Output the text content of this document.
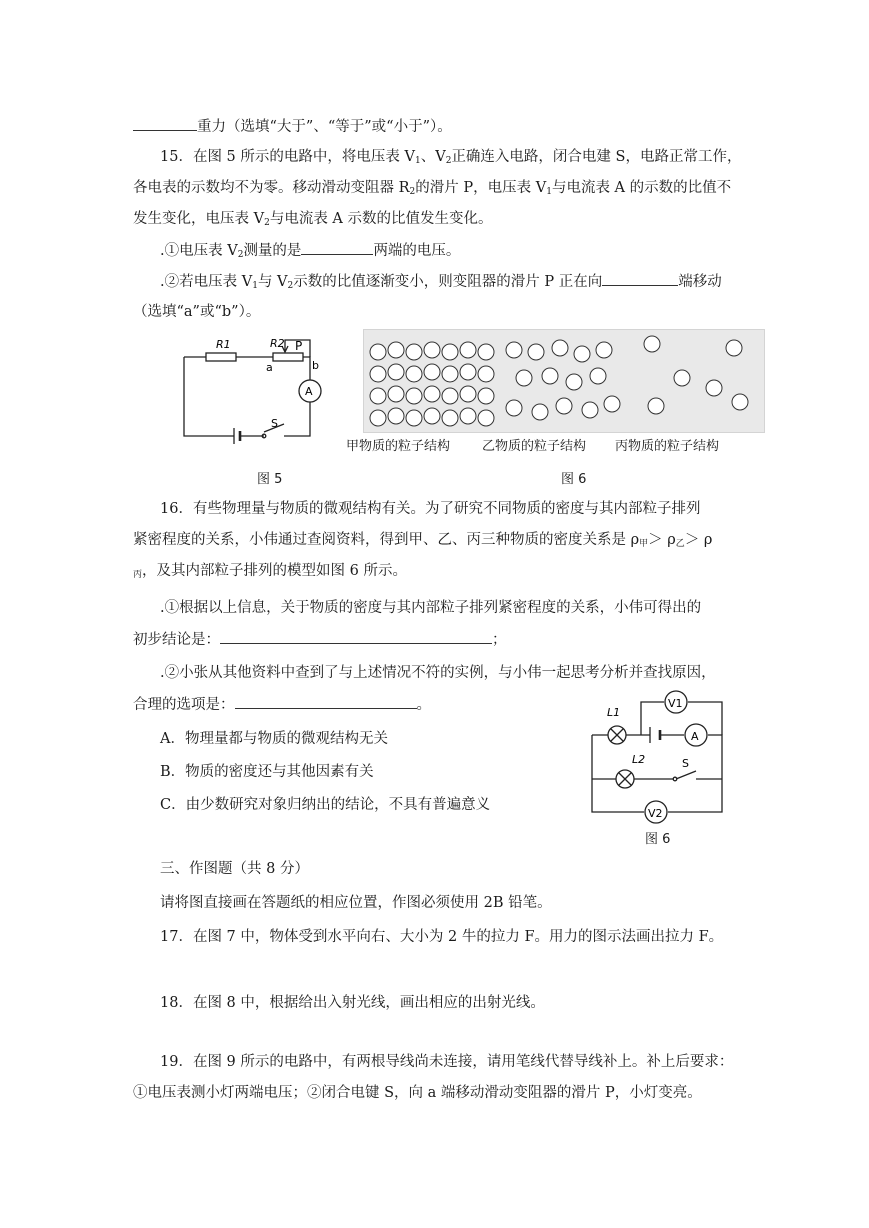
重力（选填“大于”、“等于”或“小于”）。
15．在图 5 所示的电路中，将电压表 $V_1$、$V_2$正确连入电路，闭合电建 S，电路正常工作，
各电表的示数均不为零。移动滑动变阻器 $R_2$的滑片 P，电压表 $V_1$与电流表 A 的示数的比值不
发生变化，电压表 $V_2$与电流表 A 示数的比值发生变化。
.①电压表 $V_2$测量的是	两端的电压。
.②若电压表 $V_1$与 $V_2$示数的比值逐渐变小，则变阻器的滑片 P 正在向	端移动
（选填“a”或“b”）。
R1	R2 P
a	b
A
S
图 5
甲物质的粒子结构 乙物质的粒子结构 丙物质的粒子结构
图 6
16．有些物理量与物质的微观结构有关。为了研究不同物质的密度与其内部粒子排列
紧密程度的关系，小伟通过查阅资料，得到甲、乙、丙三种物质的密度关系是 $\rho_甲> \rho_乙> \rho$
$_丙$，及其内部粒子排列的模型如图 6 所示。
.①根据以上信息，关于物质的密度与其内部粒子排列紧密程度的关系，小伟可得出的
初步结论是：	；
.②小张从其他资料中查到了与上述情况不符的实例，与小伟一起思考分析并查找原因，
合理的选项是：	。
A．物理量都与物质的微观结构无关
B．物质的密度还与其他因素有关
C．由少数研究对象归纳出的结论，不具有普遍意义
L1
L2
V1
A
V2
S
图 6
三、作图题（共 8 分）
请将图直接画在答题纸的相应位置，作图必须使用 2B 铅笔。
17．在图 7 中，物体受到水平向右、大小为 2 牛的拉力 F。用力的图示法画出拉力 F。
18．在图 8 中，根据给出入射光线，画出相应的出射光线。
19．在图 9 所示的电路中，有两根导线尚未连接，请用笔线代替导线补上。补上后要求：
①电压表测小灯两端电压；②闭合电键 S，向 a 端移动滑动变阻器的滑片 P，小灯变亮。
